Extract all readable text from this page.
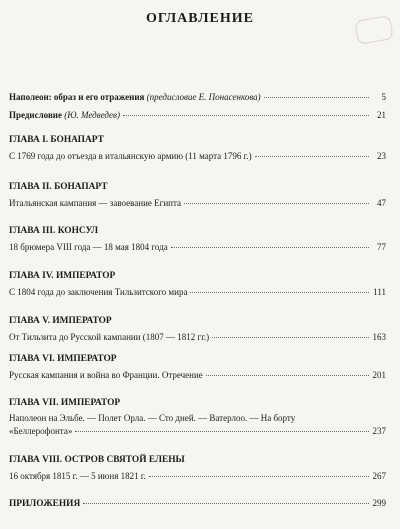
ОГЛАВЛЕНИЕ
Наполеон: образ и его отражения (предисловие Е. Понасенкова)	5
Предисловие (Ю. Медведев)	21
ГЛАВА I. БОНАПАРТ
С 1769 года до отъезда в итальянскую армию (11 марта 1796 г.)	23
ГЛАВА II. БОНАПАРТ
Итальянская кампания — завоевание Египта	47
ГЛАВА III. КОНСУЛ
18 брюмера VIII года — 18 мая 1804 года	77
ГЛАВА IV. ИМПЕРАТОР
С 1804 года до заключения Тильзитского мира	111
ГЛАВА V. ИМПЕРАТОР
От Тильзита до Русской кампании (1807 — 1812 гг.)	163
ГЛАВА VI. ИМПЕРАТОР
Русская кампания и война во Франции. Отречение	201
ГЛАВА VII. ИМПЕРАТОР
Наполеон на Эльбе. — Полет Орла. — Сто дней. — Ватерлоо. — На борту
«Беллерофонта»	237
ГЛАВА VIII. ОСТРОВ СВЯТОЙ ЕЛЕНЫ
16 октября 1815 г. — 5 июня 1821 г.	267
ПРИЛОЖЕНИЯ	299
